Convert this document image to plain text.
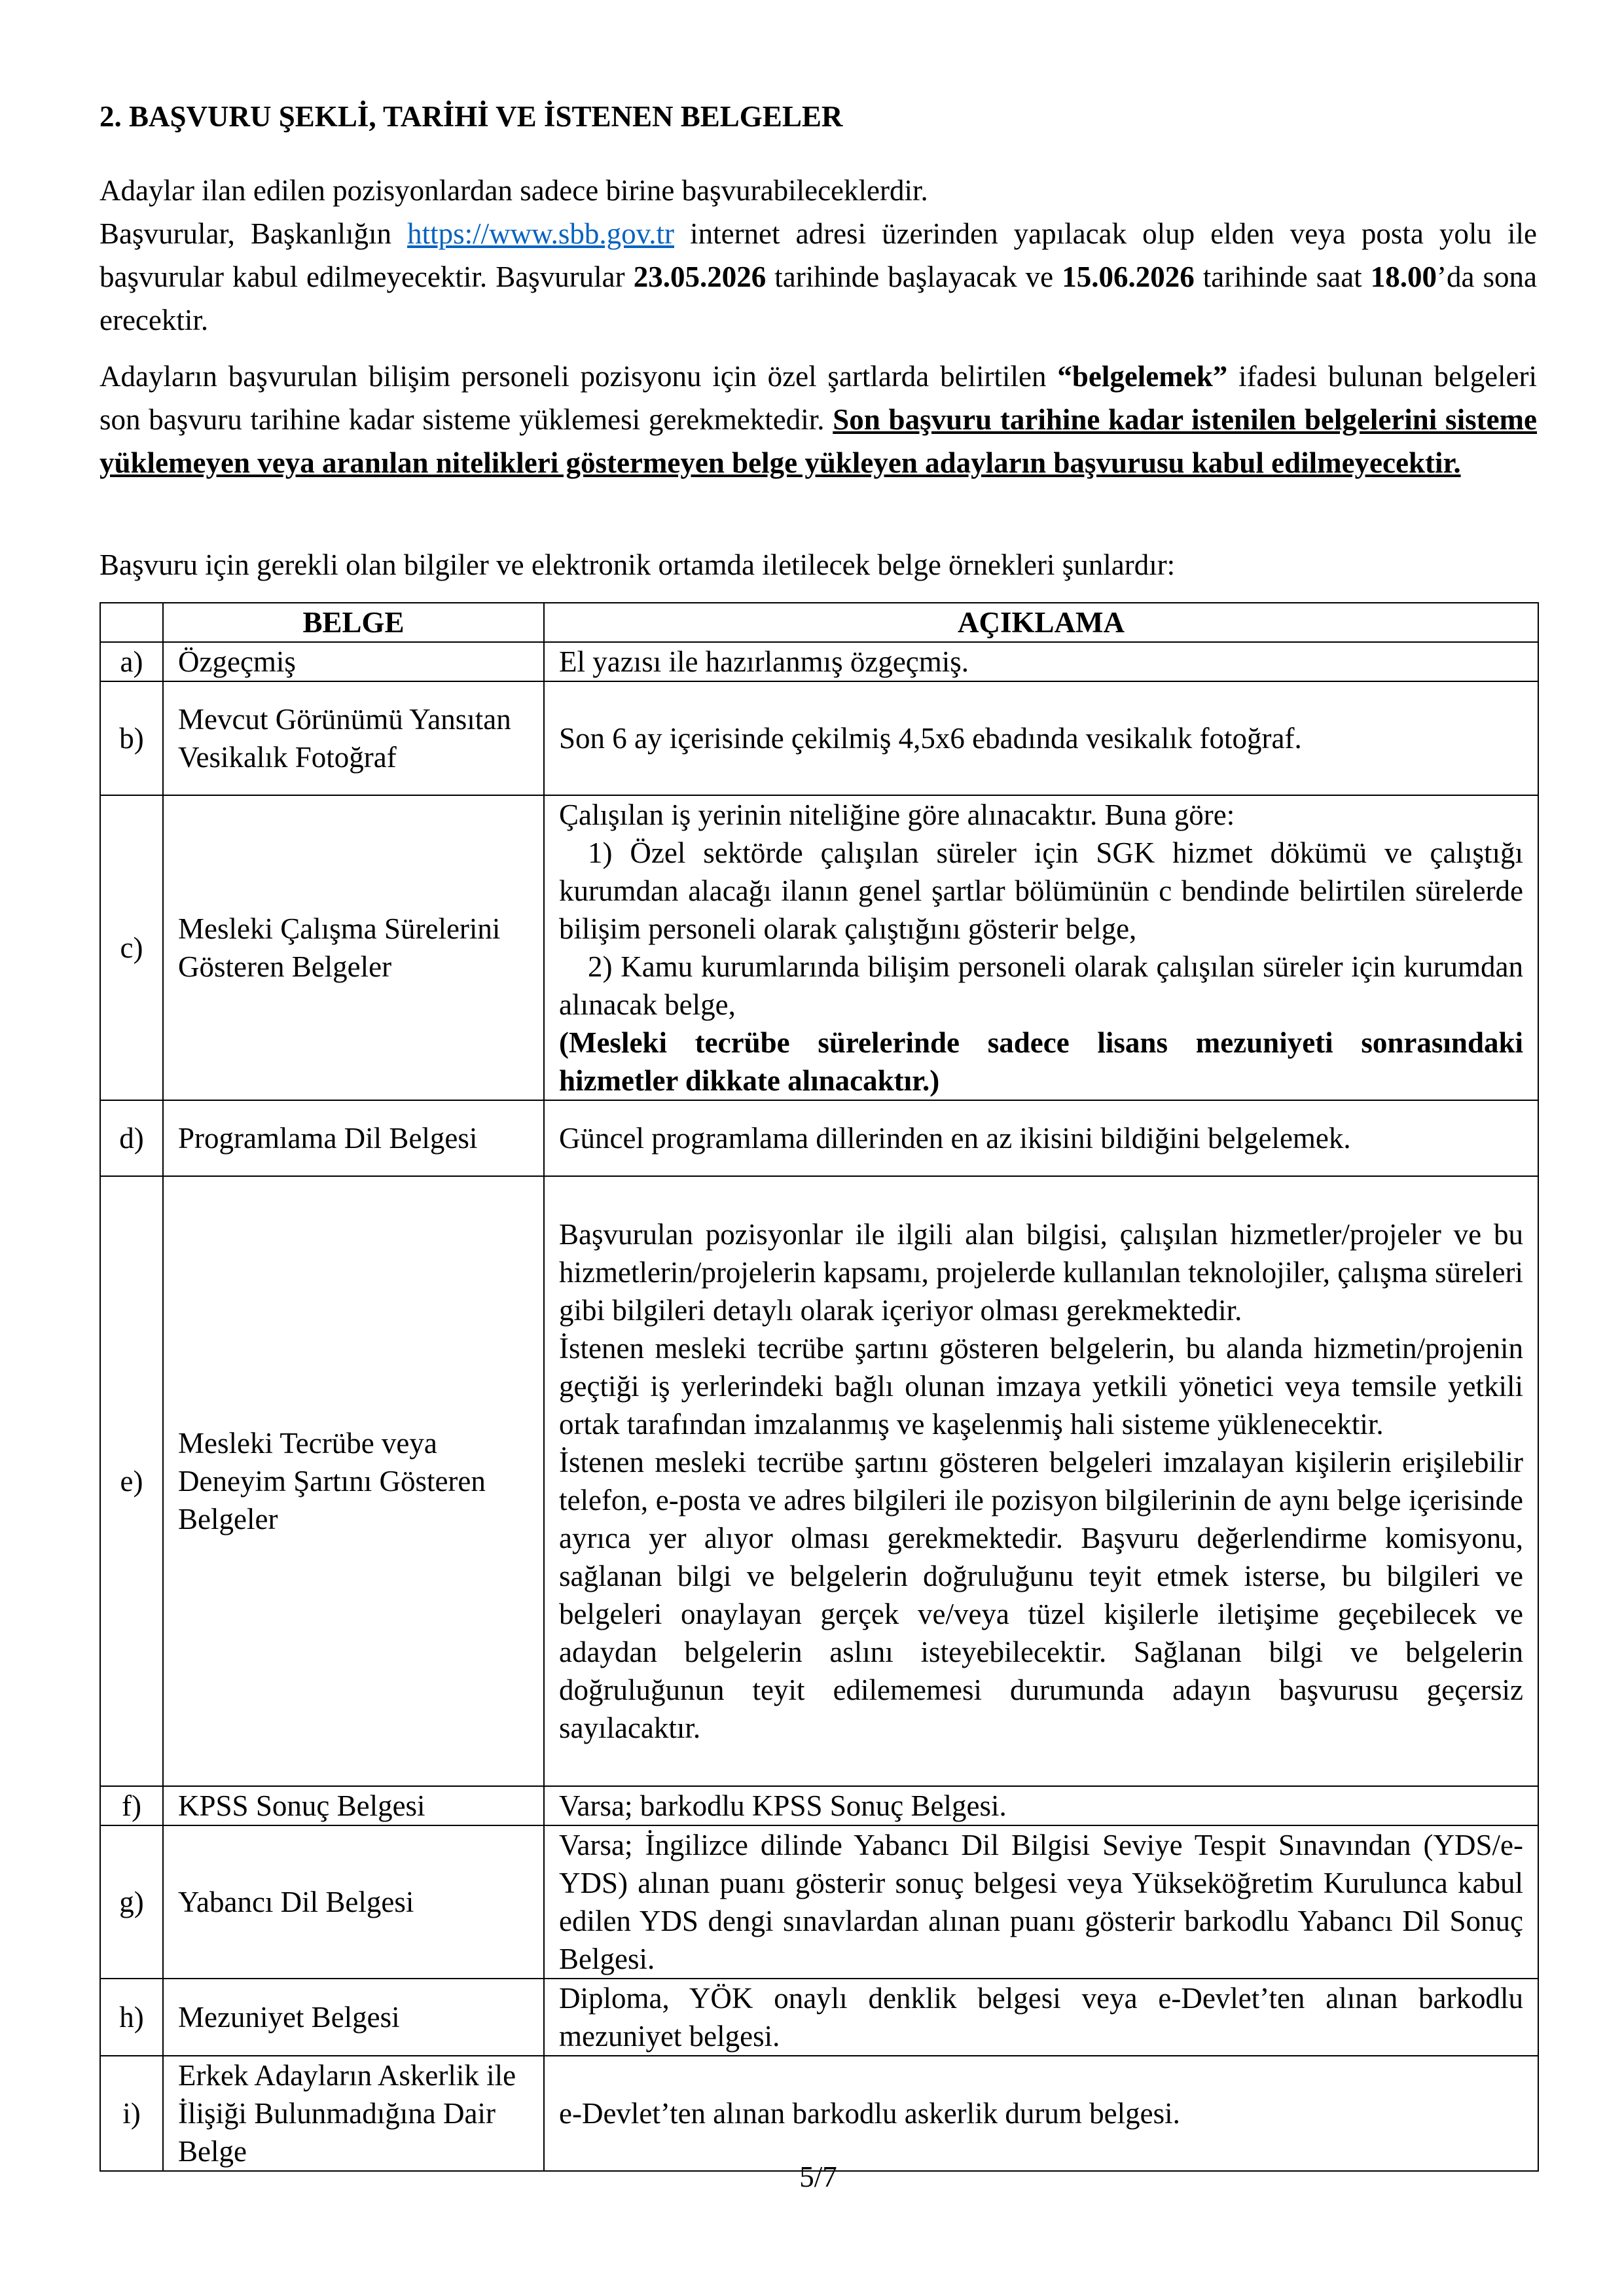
2. BAŞVURU ŞEKLİ, TARİHİ VE İSTENEN BELGELER

Adaylar ilan edilen pozisyonlardan sadece birine başvurabileceklerdir.
Başvurular, Başkanlığın https://www.sbb.gov.tr internet adresi üzerinden yapılacak olup elden veya posta yolu ile başvurular kabul edilmeyecektir. Başvurular 23.05.2026 tarihinde başlayacak ve 15.06.2026 tarihinde saat 18.00’da sona erecektir.

Adayların başvurulan bilişim personeli pozisyonu için özel şartlarda belirtilen “belgelemek” ifadesi bulunan belgeleri son başvuru tarihine kadar sisteme yüklemesi gerekmektedir. Son başvuru tarihine kadar istenilen belgelerini sisteme yüklemeyen veya aranılan nitelikleri göstermeyen belge yükleyen adayların başvurusu kabul edilmeyecektir.

Başvuru için gerekli olan bilgiler ve elektronik ortamda iletilecek belge örnekleri şunlardır:

	BELGE	AÇIKLAMA
a)	Özgeçmiş	El yazısı ile hazırlanmış özgeçmiş.
b)	Mevcut Görünümü Yansıtan Vesikalık Fotoğraf	Son 6 ay içerisinde çekilmiş 4,5x6 ebadında vesikalık fotoğraf.
c)	Mesleki Çalışma Sürelerini Gösteren Belgeler	Çalışılan iş yerinin niteliğine göre alınacaktır. Buna göre:
1) Özel sektörde çalışılan süreler için SGK hizmet dökümü ve çalıştığı kurumdan alacağı ilanın genel şartlar bölümünün c bendinde belirtilen sürelerde bilişim personeli olarak çalıştığını gösterir belge,
2) Kamu kurumlarında bilişim personeli olarak çalışılan süreler için kurumdan alınacak belge,
(Mesleki tecrübe sürelerinde sadece lisans mezuniyeti sonrasındaki hizmetler dikkate alınacaktır.)

d)	Programlama Dil Belgesi	Güncel programlama dillerinden en az ikisini bildiğini belgelemek.
e)	Mesleki Tecrübe veya Deneyim Şartını Gösteren Belgeler	Başvurulan pozisyonlar ile ilgili alan bilgisi, çalışılan hizmetler/projeler ve bu hizmetlerin/projelerin kapsamı, projelerde kullanılan teknolojiler, çalışma süreleri gibi bilgileri detaylı olarak içeriyor olması gerekmektedir.
İstenen mesleki tecrübe şartını gösteren belgelerin, bu alanda hizmetin/projenin geçtiği iş yerlerindeki bağlı olunan imzaya yetkili yönetici veya temsile yetkili ortak tarafından imzalanmış ve kaşelenmiş hali sisteme yüklenecektir.
İstenen mesleki tecrübe şartını gösteren belgeleri imzalayan kişilerin erişilebilir telefon, e-posta ve adres bilgileri ile pozisyon bilgilerinin de aynı belge içerisinde ayrıca yer alıyor olması gerekmektedir. Başvuru değerlendirme komisyonu, sağlanan bilgi ve belgelerin doğruluğunu teyit etmek isterse, bu bilgileri ve belgeleri onaylayan gerçek ve/veya tüzel kişilerle iletişime geçebilecek ve adaydan belgelerin aslını isteyebilecektir. Sağlanan bilgi ve belgelerin doğruluğunun teyit edilememesi durumunda adayın başvurusu geçersiz sayılacaktır.

f)	KPSS Sonuç Belgesi	Varsa; barkodlu KPSS Sonuç Belgesi.
g)	Yabancı Dil Belgesi	Varsa; İngilizce dilinde Yabancı Dil Bilgisi Seviye Tespit Sınavından (YDS/e-YDS) alınan puanı gösterir sonuç belgesi veya Yükseköğretim Kurulunca kabul edilen YDS dengi sınavlardan alınan puanı gösterir barkodlu Yabancı Dil Sonuç Belgesi.
h)	Mezuniyet Belgesi	Diploma, YÖK onaylı denklik belgesi veya e-Devlet’ten alınan barkodlu mezuniyet belgesi.
i)	Erkek Adayların Askerlik ile İlişiği Bulunmadığına Dair Belge	e-Devlet’ten alınan barkodlu askerlik durum belgesi.
5/7
